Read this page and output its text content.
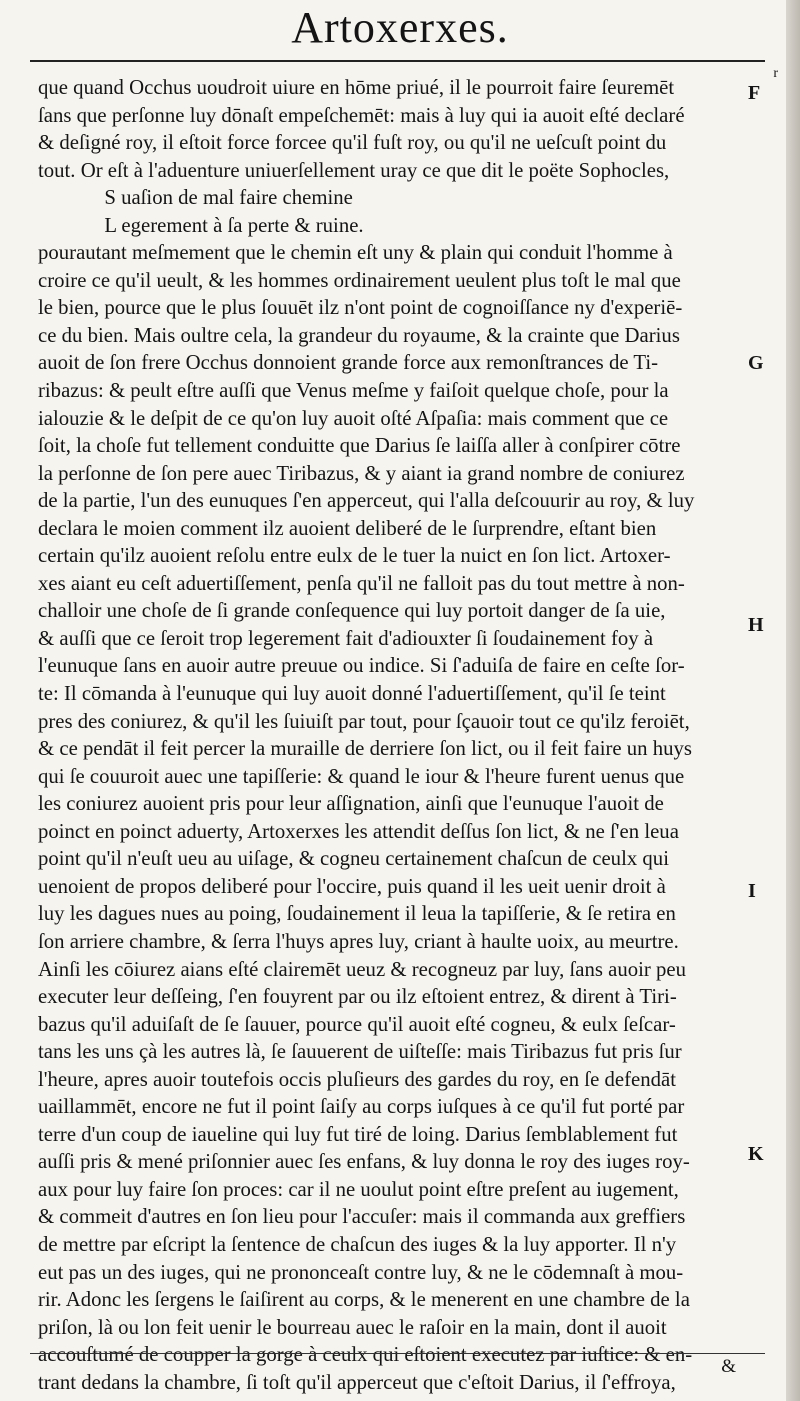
Artoxerxes.
r
que quand Occhus uoudroit uiure en hōme priué, il le pourroit faire ſeuremēt
ſans que perſonne luy dōnaſt empeſchemēt: mais à luy qui ia auoit eſté declaré
& deſigné roy, il eſtoit force forcee qu'il fuſt roy, ou qu'il ne ueſcuſt point du
tout. Or eſt à l'aduenture uniuerſellement uray ce que dit le poëte Sophocles,
S uaſion de mal faire chemine
L egerement à ſa perte & ruine.
pourautant meſmement que le chemin eſt uny & plain qui conduit l'homme à
croire ce qu'il ueult, & les hommes ordinairement ueulent plus toſt le mal que
le bien, pource que le plus ſouuēt ilz n'ont point de cognoiſſance ny d'experiē-
ce du bien. Mais oultre cela, la grandeur du royaume, & la crainte que Darius
auoit de ſon frere Occhus donnoient grande force aux remonſtrances de Ti-
ribazus: & peult eſtre auſſi que Venus meſme y faiſoit quelque choſe, pour la
ialouzie & le deſpit de ce qu'on luy auoit oſté Aſpaſia: mais comment que ce
ſoit, la choſe fut tellement conduitte que Darius ſe laiſſa aller à conſpirer cōtre
la perſonne de ſon pere auec Tiribazus, & y aiant ia grand nombre de coniurez
de la partie, l'un des eunuques ſ'en apperceut, qui l'alla deſcouurir au roy, & luy
declara le moien comment ilz auoient deliberé de le ſurprendre, eſtant bien
certain qu'ilz auoient reſolu entre eulx de le tuer la nuict en ſon lict. Artoxer-
xes aiant eu ceſt aduertiſſement, penſa qu'il ne falloit pas du tout mettre à non-
challoir une choſe de ſi grande conſequence qui luy portoit danger de ſa uie,
& auſſi que ce ſeroit trop legerement fait d'adiouxter ſi ſoudainement foy à
l'eunuque ſans en auoir autre preuue ou indice. Si ſ'aduiſa de faire en ceſte ſor-
te: Il cōmanda à l'eunuque qui luy auoit donné l'aduertiſſement, qu'il ſe teint
pres des coniurez, & qu'il les ſuiuiſt par tout, pour ſçauoir tout ce qu'ilz feroiēt,
& ce pendāt il feit percer la muraille de derriere ſon lict, ou il feit faire un huys
qui ſe couuroit auec une tapiſſerie: & quand le iour & l'heure furent uenus que
les coniurez auoient pris pour leur aſſignation, ainſi que l'eunuque l'auoit de
poinct en poinct aduerty, Artoxerxes les attendit deſſus ſon lict, & ne ſ'en leua
point qu'il n'euſt ueu au uiſage, & cogneu certainement chaſcun de ceulx qui
uenoient de propos deliberé pour l'occire, puis quand il les ueit uenir droit à
luy les dagues nues au poing, ſoudainement il leua la tapiſſerie, & ſe retira en
ſon arriere chambre, & ſerra l'huys apres luy, criant à haulte uoix, au meurtre.
Ainſi les cōiurez aians eſté clairemēt ueuz & recogneuz par luy, ſans auoir peu
executer leur deſſeing, ſ'en fouyrent par ou ilz eſtoient entrez, & dirent à Tiri-
bazus qu'il aduiſaſt de ſe ſauuer, pource qu'il auoit eſté cogneu, & eulx ſeſcar-
tans les uns çà les autres là, ſe ſauuerent de uiſteſſe: mais Tiribazus fut pris ſur
l'heure, apres auoir toutefois occis pluſieurs des gardes du roy, en ſe defendāt
uaillammēt, encore ne fut il point ſaiſy au corps iuſques à ce qu'il fut porté par
terre d'un coup de iaueline qui luy fut tiré de loing. Darius ſemblablement fut
auſſi pris & mené priſonnier auec ſes enfans, & luy donna le roy des iuges roy-
aux pour luy faire ſon proces: car il ne uoulut point eſtre preſent au iugement,
& commeit d'autres en ſon lieu pour l'accuſer: mais il commanda aux greffiers
de mettre par eſcript la ſentence de chaſcun des iuges & la luy apporter. Il n'y
eut pas un des iuges, qui ne prononceaſt contre luy, & ne le cōdemnaſt à mou-
rir. Adonc les ſergens le ſaiſirent au corps, & le menerent en une chambre de la
priſon, là ou lon feit uenir le bourreau auec le raſoir en la main, dont il auoit
accouſtumé de coupper la gorge à ceulx qui eſtoient executez par iuſtice: & en-
trant dedans la chambre, ſi toſt qu'il apperceut que c'eſtoit Darius, il ſ'effroya,
F
G
H
I
K
&
